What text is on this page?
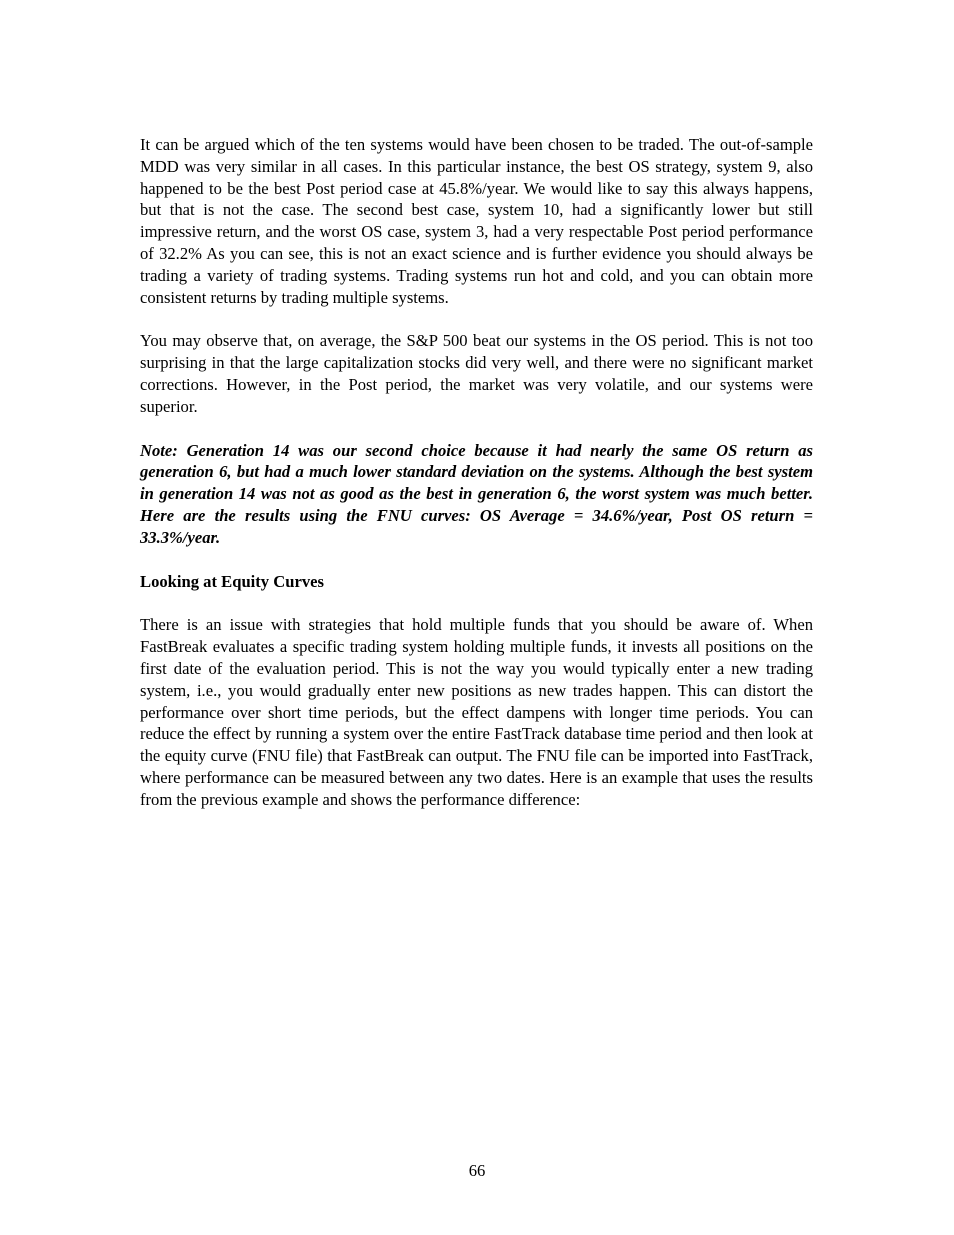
It can be argued which of the ten systems would have been chosen to be traded. The out-of-sample MDD was very similar in all cases. In this particular instance, the best OS strategy, system 9, also happened to be the best Post period case at 45.8%/year. We would like to say this always happens, but that is not the case. The second best case, system 10, had a significantly lower but still impressive return, and the worst OS case, system 3, had a very respectable Post period performance of 32.2% As you can see, this is not an exact science and is further evidence you should always be trading a variety of trading systems. Trading systems run hot and cold, and you can obtain more consistent returns by trading multiple systems.

You may observe that, on average, the S&P 500 beat our systems in the OS period. This is not too surprising in that the large capitalization stocks did very well, and there were no significant market corrections. However, in the Post period, the market was very volatile, and our systems were superior.

Note: Generation 14 was our second choice because it had nearly the same OS return as generation 6, but had a much lower standard deviation on the systems. Although the best system in generation 14 was not as good as the best in generation 6, the worst system was much better. Here are the results using the FNU curves: OS Average = 34.6%/year, Post OS return = 33.3%/year.

Looking at Equity Curves

There is an issue with strategies that hold multiple funds that you should be aware of. When FastBreak evaluates a specific trading system holding multiple funds, it invests all positions on the first date of the evaluation period. This is not the way you would typically enter a new trading system, i.e., you would gradually enter new positions as new trades happen. This can distort the performance over short time periods, but the effect dampens with longer time periods. You can reduce the effect by running a system over the entire FastTrack database time period and then look at the equity curve (FNU file) that FastBreak can output. The FNU file can be imported into FastTrack, where performance can be measured between any two dates. Here is an example that uses the results from the previous example and shows the performance difference:

66
